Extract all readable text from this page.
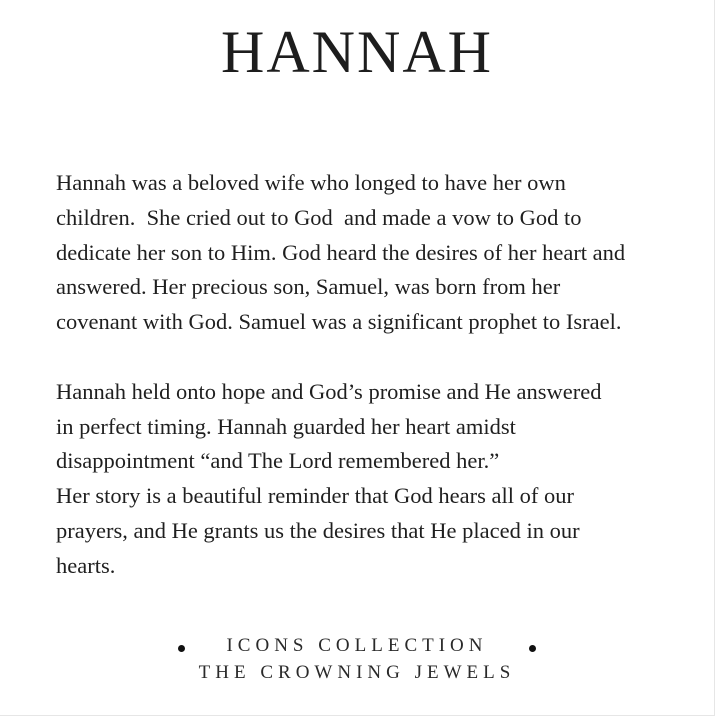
HANNAH

Hannah was a beloved wife who longed to have her own
children.  She cried out to God  and made a vow to God to
dedicate her son to Him. God heard the desires of her heart and
answered. Her precious son, Samuel, was born from her
covenant with God. Samuel was a significant prophet to Israel.

Hannah held onto hope and God’s promise and He answered
in perfect timing. Hannah guarded her heart amidst
disappointment “and The Lord remembered her.”
Her story is a beautiful reminder that God hears all of our
prayers, and He grants us the desires that He placed in our
hearts.

ICONS COLLECTION
THE CROWNING JEWELS
